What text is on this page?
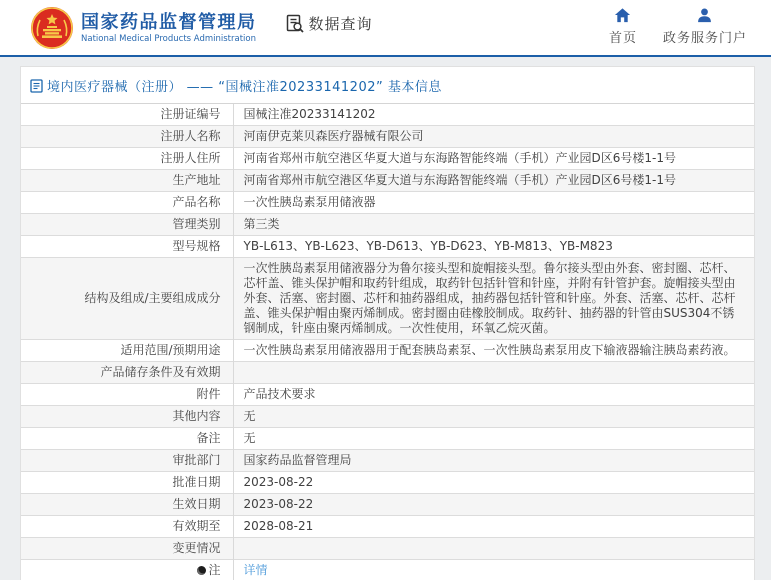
国家药品监督管理局
National Medical Products Administration
数据查询
首页 政务服务门户
境内医疗器械（注册） —— “国械注准20233141202” 基本信息
注册证编号	国械注准20233141202
注册人名称	河南伊克莱贝森医疗器械有限公司
注册人住所	河南省郑州市航空港区华夏大道与东海路智能终端（手机）产业园D区6号楼1-1号
生产地址	河南省郑州市航空港区华夏大道与东海路智能终端（手机）产业园D区6号楼1-1号
产品名称	一次性胰岛素泵用储液器
管理类别	第三类
型号规格	YB-L613、YB-L623、YB-D613、YB-D623、YB-M813、YB-M823
结构及组成/主要组成成分	一次性胰岛素泵用储液器分为鲁尔接头型和旋帽接头型。鲁尔接头型由外套、密封圈、芯杆、芯杆盖、锥头保护帽和取药针组成，取药针包括针管和针座，并附有针管护套。旋帽接头型由外套、活塞、密封圈、芯杆和抽药器组成，抽药器包括针管和针座。外套、活塞、芯杆、芯杆盖、锥头保护帽由聚丙烯制成。密封圈由硅橡胶制成。取药针、抽药器的针管由SUS304不锈钢制成，针座由聚丙烯制成。一次性使用，环氧乙烷灭菌。
适用范围/预期用途	一次性胰岛素泵用储液器用于配套胰岛素泵、一次性胰岛素泵用皮下输液器输注胰岛素药液。
产品储存条件及有效期	
附件	产品技术要求
其他内容	无
备注	无
审批部门	国家药品监督管理局
批准日期	2023-08-22
生效日期	2023-08-22
有效期至	2028-08-21
变更情况	
注	详情
